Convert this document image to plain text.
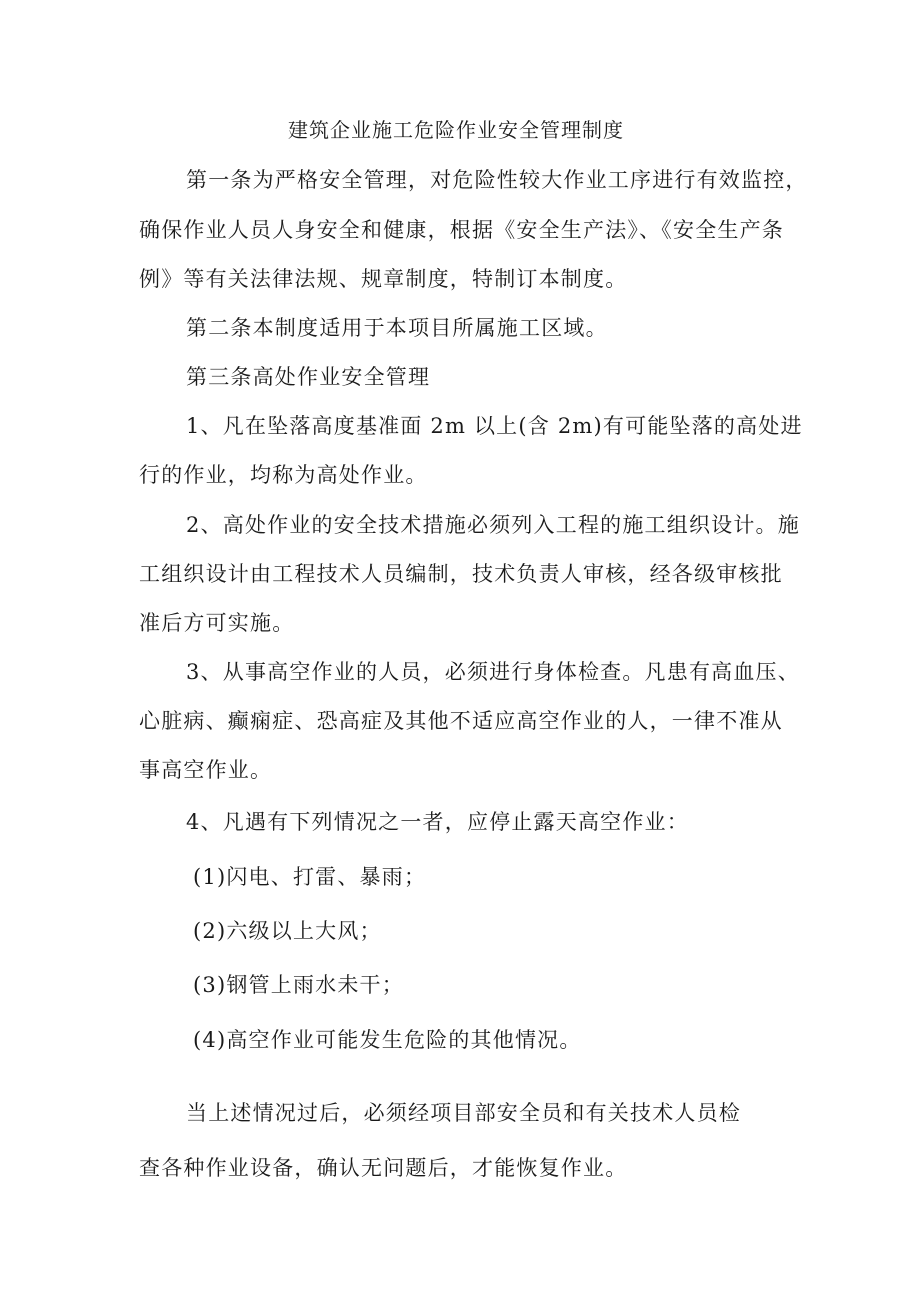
建筑企业施工危险作业安全管理制度
第一条为严格安全管理，对危险性较大作业工序进行有效监控，
确保作业人员人身安全和健康，根据《安全生产法》、《安全生产条
例》等有关法律法规、规章制度，特制订本制度。
第二条本制度适用于本项目所属施工区域。
第三条高处作业安全管理
1、凡在坠落高度基准面 2m 以上(含 2m)有可能坠落的高处进
行的作业，均称为高处作业。
2、高处作业的安全技术措施必须列入工程的施工组织设计。施
工组织设计由工程技术人员编制，技术负责人审核，经各级审核批
准后方可实施。
3、从事高空作业的人员，必须进行身体检查。凡患有高血压、
心脏病、癫痫症、恐高症及其他不适应高空作业的人，一律不准从
事高空作业。
4、凡遇有下列情况之一者，应停止露天高空作业：
(1)闪电、打雷、暴雨；
(2)六级以上大风；
(3)钢管上雨水未干；
(4)高空作业可能发生危险的其他情况。
当上述情况过后，必须经项目部安全员和有关技术人员检
查各种作业设备，确认无问题后，才能恢复作业。
